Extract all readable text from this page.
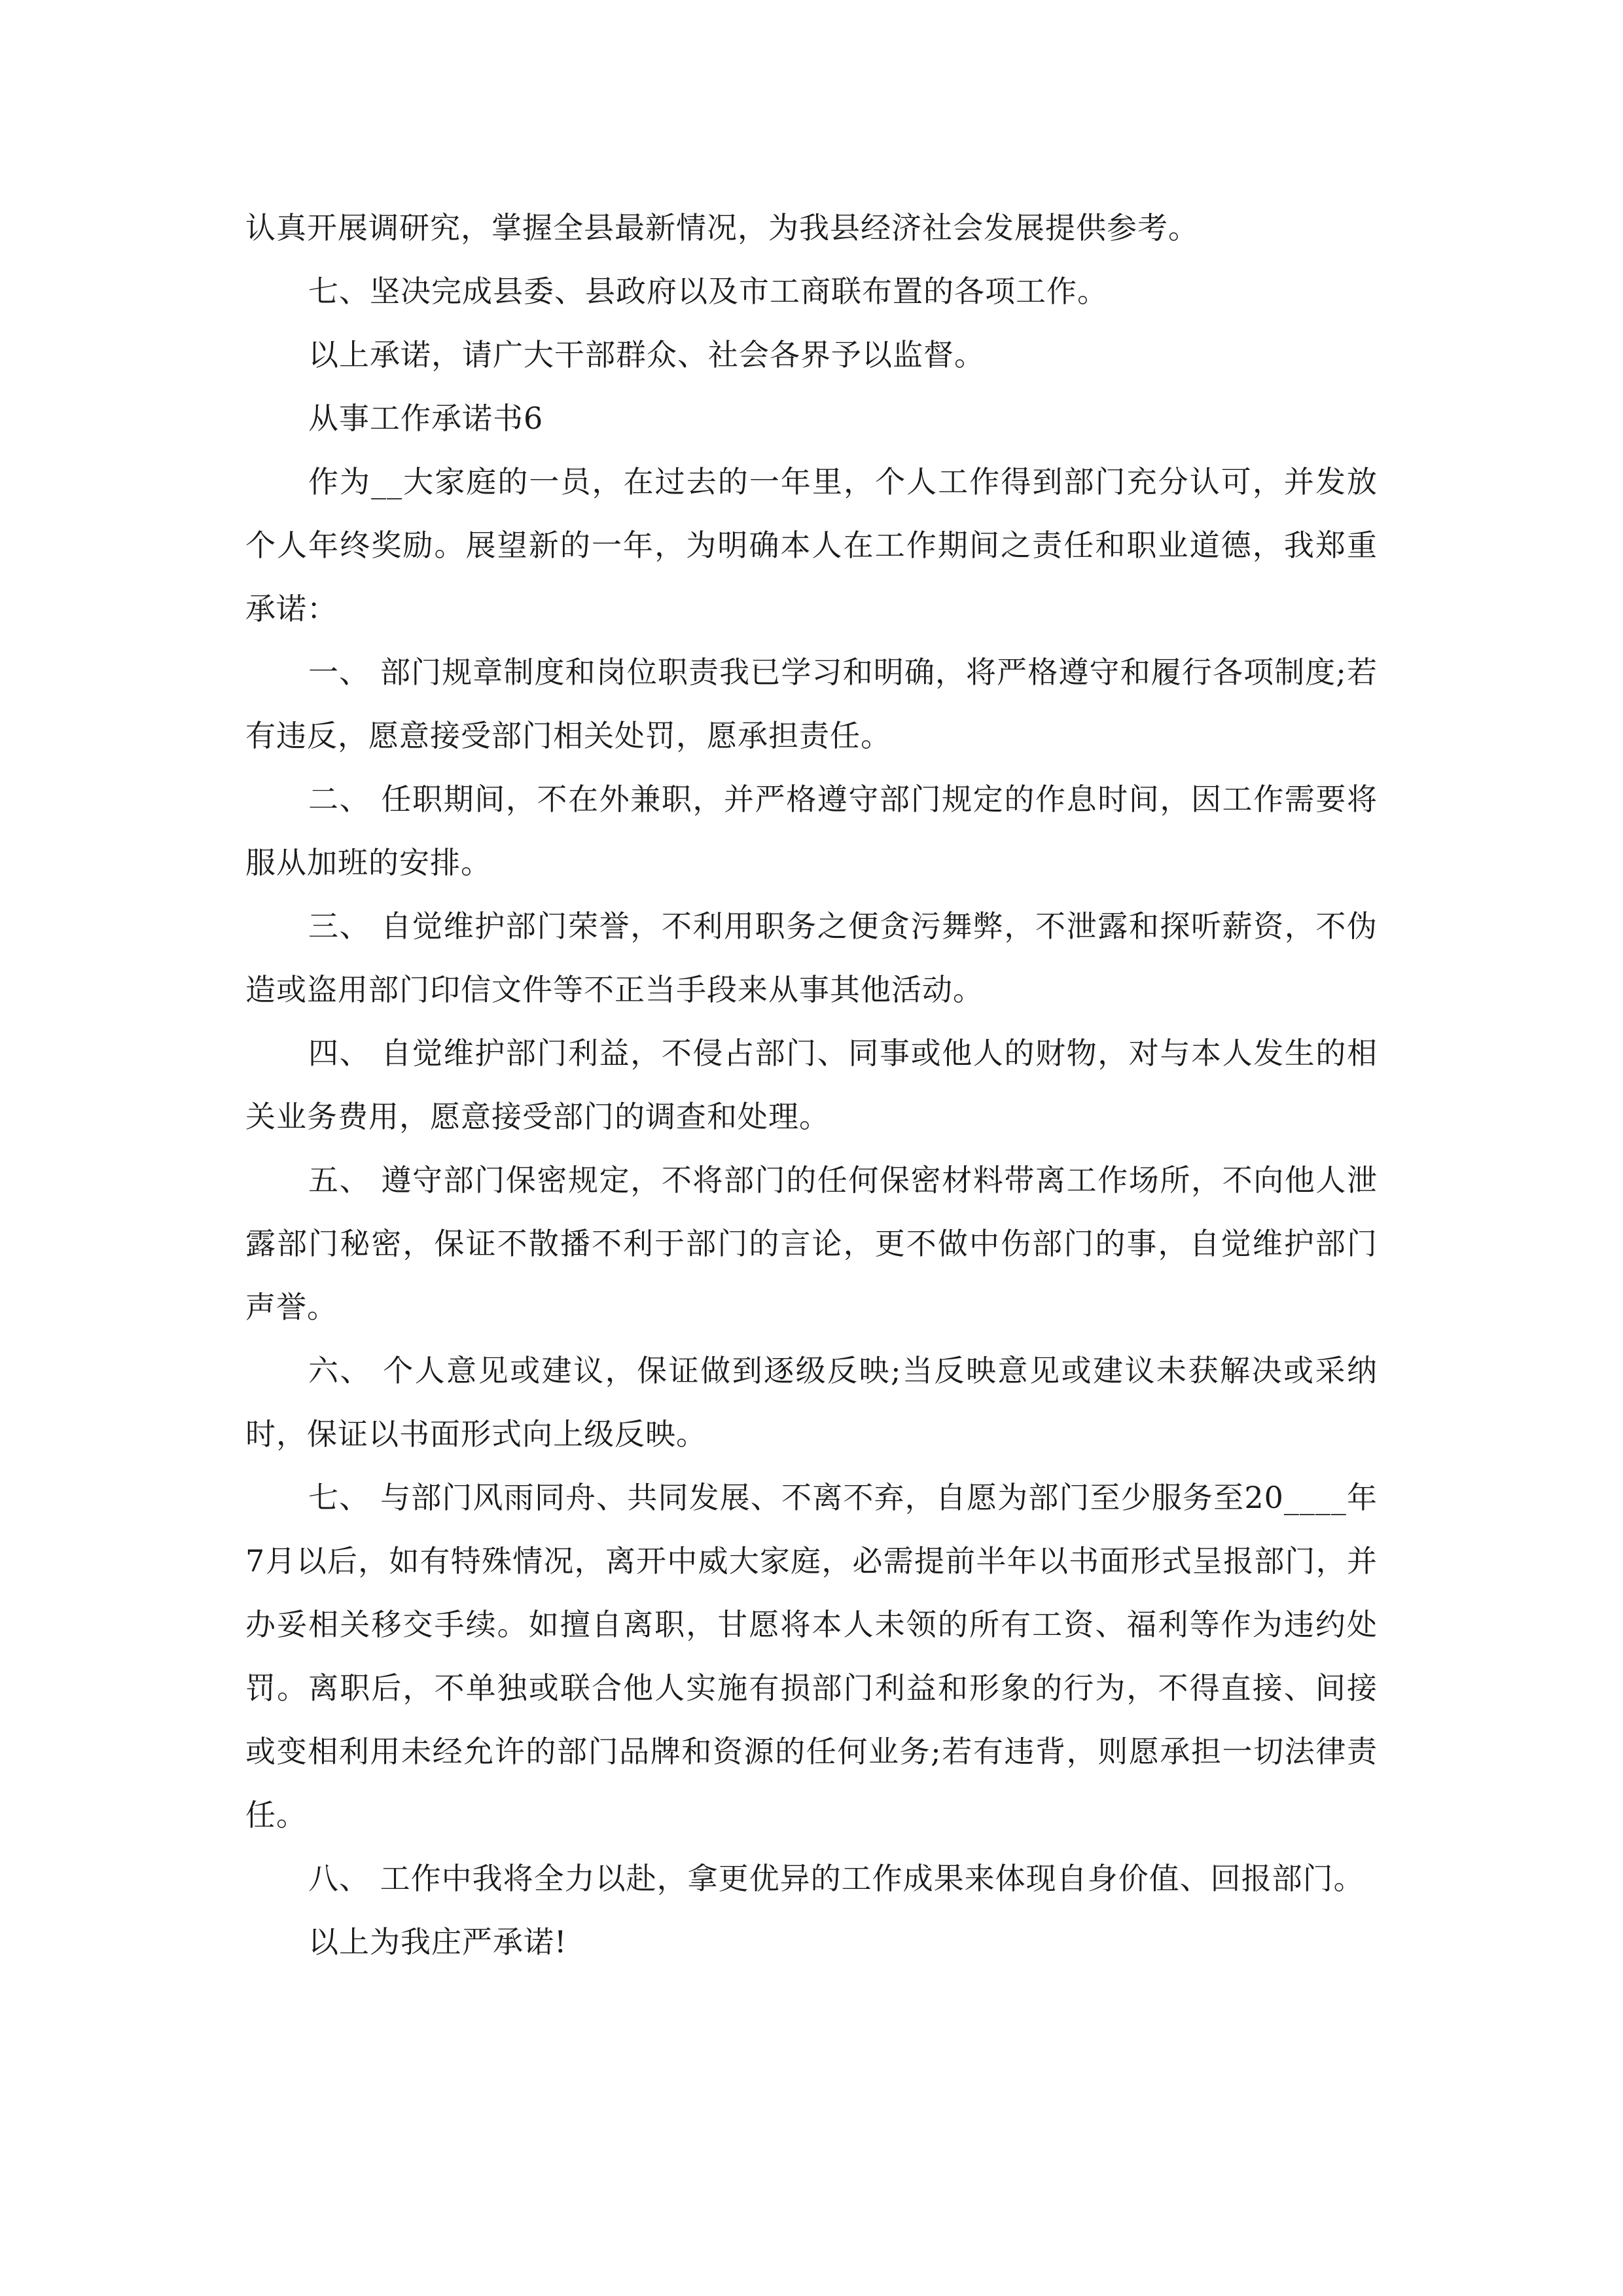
认真开展调研究，掌握全县最新情况，为我县经济社会发展提供参考。

七、坚决完成县委、县政府以及市工商联布置的各项工作。

以上承诺，请广大干部群众、社会各界予以监督。

从事工作承诺书6

作为__大家庭的一员，在过去的一年里，个人工作得到部门充分认可，并发放个人年终奖励。展望新的一年，为明确本人在工作期间之责任和职业道德，我郑重承诺：

一、 部门规章制度和岗位职责我已学习和明确，将严格遵守和履行各项制度;若有违反，愿意接受部门相关处罚，愿承担责任。

二、 任职期间，不在外兼职，并严格遵守部门规定的作息时间，因工作需要将服从加班的安排。

三、 自觉维护部门荣誉，不利用职务之便贪污舞弊，不泄露和探听薪资，不伪造或盗用部门印信文件等不正当手段来从事其他活动。

四、 自觉维护部门利益，不侵占部门、同事或他人的财物，对与本人发生的相关业务费用，愿意接受部门的调查和处理。

五、 遵守部门保密规定，不将部门的任何保密材料带离工作场所，不向他人泄露部门秘密，保证不散播不利于部门的言论，更不做中伤部门的事，自觉维护部门声誉。

六、 个人意见或建议，保证做到逐级反映;当反映意见或建议未获解决或采纳时，保证以书面形式向上级反映。

七、 与部门风雨同舟、共同发展、不离不弃，自愿为部门至少服务至20____年7月以后，如有特殊情况，离开中威大家庭，必需提前半年以书面形式呈报部门，并办妥相关移交手续。如擅自离职，甘愿将本人未领的所有工资、福利等作为违约处罚。离职后，不单独或联合他人实施有损部门利益和形象的行为，不得直接、间接或变相利用未经允许的部门品牌和资源的任何业务;若有违背，则愿承担一切法律责任。

八、 工作中我将全力以赴，拿更优异的工作成果来体现自身价值、回报部门。

以上为我庄严承诺!
